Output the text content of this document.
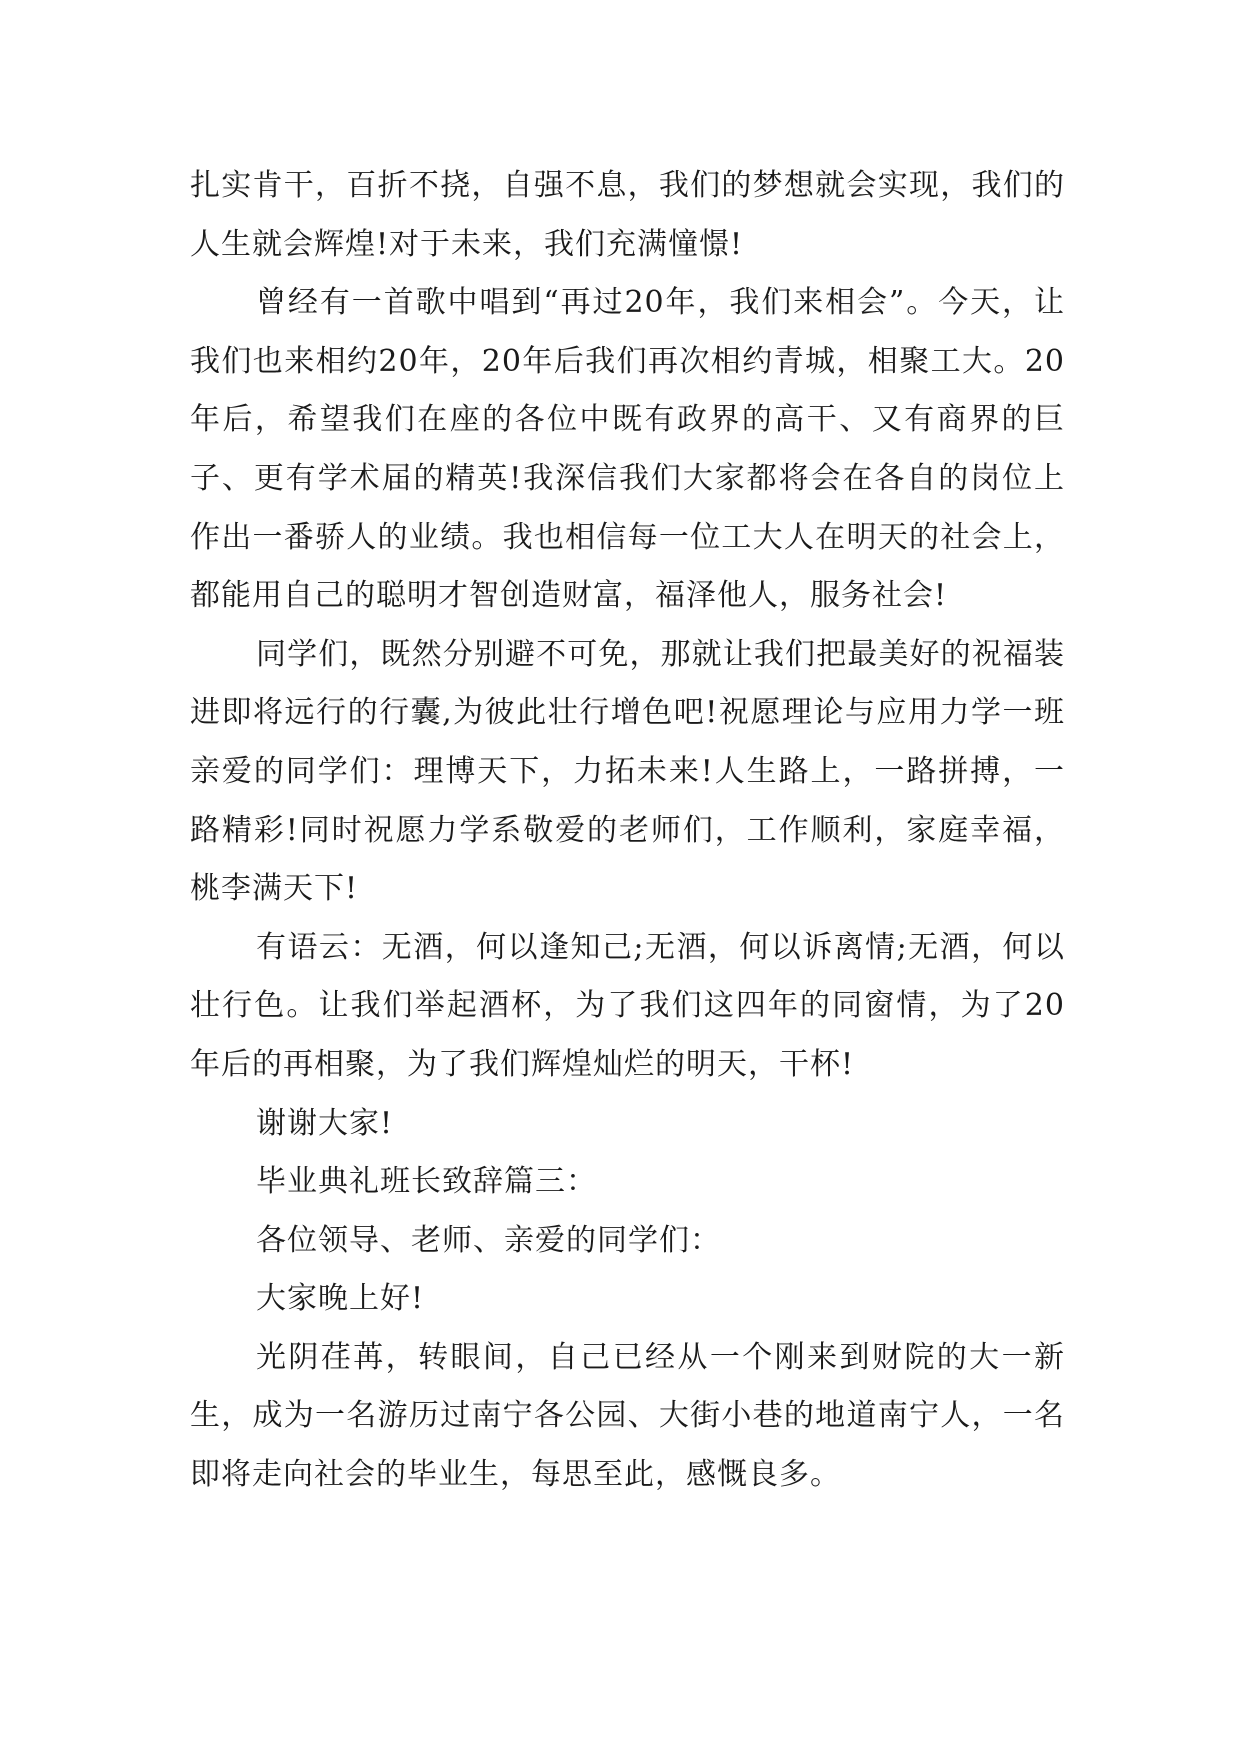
扎实肯干，百折不挠，自强不息，我们的梦想就会实现，我们的人生就会辉煌!对于未来，我们充满憧憬!

曾经有一首歌中唱到“再过20年，我们来相会”。今天，让我们也来相约20年，20年后我们再次相约青城，相聚工大。20年后，希望我们在座的各位中既有政界的高干、又有商界的巨子、更有学术届的精英!我深信我们大家都将会在各自的岗位上作出一番骄人的业绩。我也相信每一位工大人在明天的社会上，都能用自己的聪明才智创造财富，福泽他人，服务社会!

同学们，既然分别避不可免，那就让我们把最美好的祝福装进即将远行的行囊,为彼此壮行增色吧!祝愿理论与应用力学一班亲爱的同学们：理博天下，力拓未来!人生路上，一路拼搏，一路精彩!同时祝愿力学系敬爱的老师们，工作顺利，家庭幸福，桃李满天下!

有语云：无酒，何以逢知己;无酒，何以诉离情;无酒，何以壮行色。让我们举起酒杯，为了我们这四年的同窗情，为了20年后的再相聚，为了我们辉煌灿烂的明天，干杯!

谢谢大家!

毕业典礼班长致辞篇三：

各位领导、老师、亲爱的同学们：

大家晚上好!

光阴荏苒，转眼间，自己已经从一个刚来到财院的大一新生，成为一名游历过南宁各公园、大街小巷的地道南宁人，一名即将走向社会的毕业生，每思至此，感慨良多。
